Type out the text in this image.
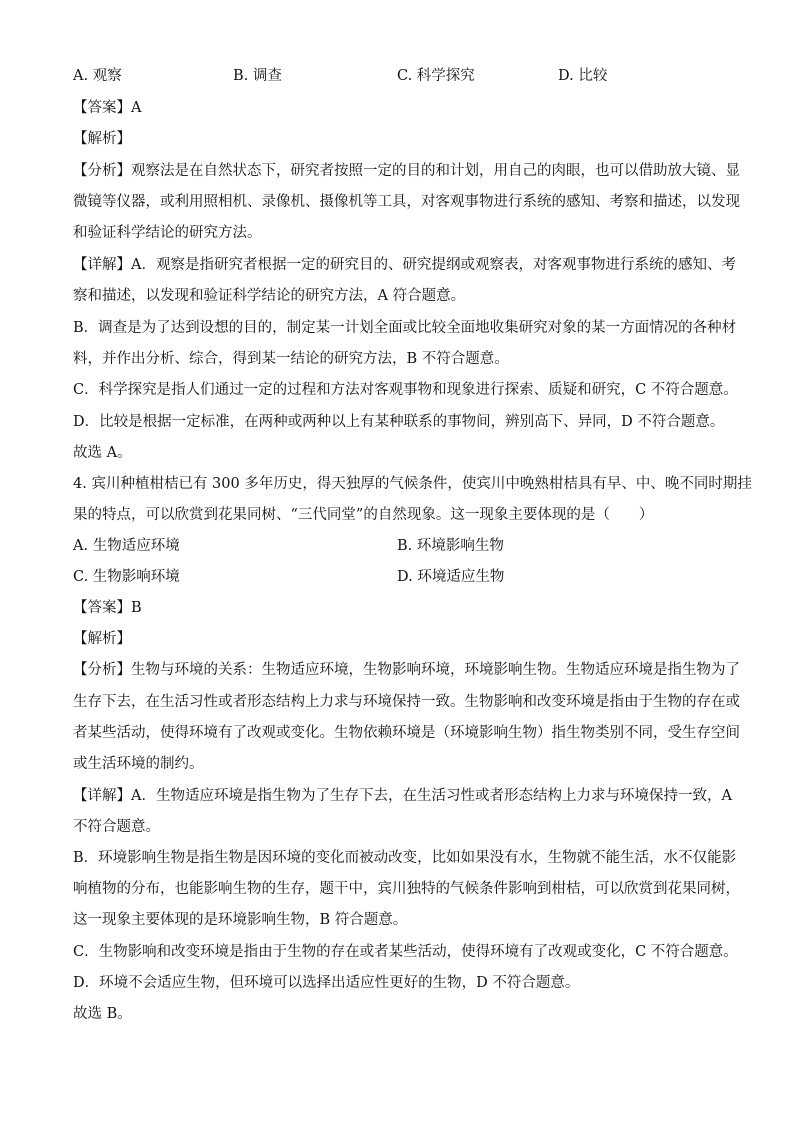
A. 观察	B. 调查	C. 科学探究	D. 比较
【答案】A
【解析】
【分析】观察法是在自然状态下，研究者按照一定的目的和计划，用自己的肉眼，也可以借助放大镜、显
微镜等仪器，或利用照相机、录像机、摄像机等工具，对客观事物进行系统的感知、考察和描述，以发现
和验证科学结论的研究方法。
【详解】A．观察是指研究者根据一定的研究目的、研究提纲或观察表，对客观事物进行系统的感知、考
察和描述，以发现和验证科学结论的研究方法，A 符合题意。
B．调查是为了达到设想的目的，制定某一计划全面或比较全面地收集研究对象的某一方面情况的各种材
料，并作出分析、综合，得到某一结论的研究方法，B 不符合题意。
C．科学探究是指人们通过一定的过程和方法对客观事物和现象进行探索、质疑和研究，C 不符合题意。
D．比较是根据一定标准，在两种或两种以上有某种联系的事物间，辨别高下、异同，D 不符合题意。
故选 A。
4. 宾川种植柑桔已有 300 多年历史，得天独厚的气候条件，使宾川中晚熟柑桔具有早、中、晚不同时期挂
果的特点，可以欣赏到花果同树、“三代同堂”的自然现象。这一现象主要体现的是（　　）
A. 生物适应环境	B. 环境影响生物
C. 生物影响环境	D. 环境适应生物
【答案】B
【解析】
【分析】生物与环境的关系：生物适应环境，生物影响环境，环境影响生物。生物适应环境是指生物为了
生存下去，在生活习性或者形态结构上力求与环境保持一致。生物影响和改变环境是指由于生物的存在或
者某些活动，使得环境有了改观或变化。生物依赖环境是（环境影响生物）指生物类别不同，受生存空间
或生活环境的制约。
【详解】A．生物适应环境是指生物为了生存下去，在生活习性或者形态结构上力求与环境保持一致，A
不符合题意。
B．环境影响生物是指生物是因环境的变化而被动改变，比如如果没有水，生物就不能生活，水不仅能影
响植物的分布，也能影响生物的生存，题干中，宾川独特的气候条件影响到柑桔，可以欣赏到花果同树，
这一现象主要体现的是环境影响生物，B 符合题意。
C．生物影响和改变环境是指由于生物的存在或者某些活动，使得环境有了改观或变化，C 不符合题意。
D．环境不会适应生物，但环境可以选择出适应性更好的生物，D 不符合题意。
故选 B。
